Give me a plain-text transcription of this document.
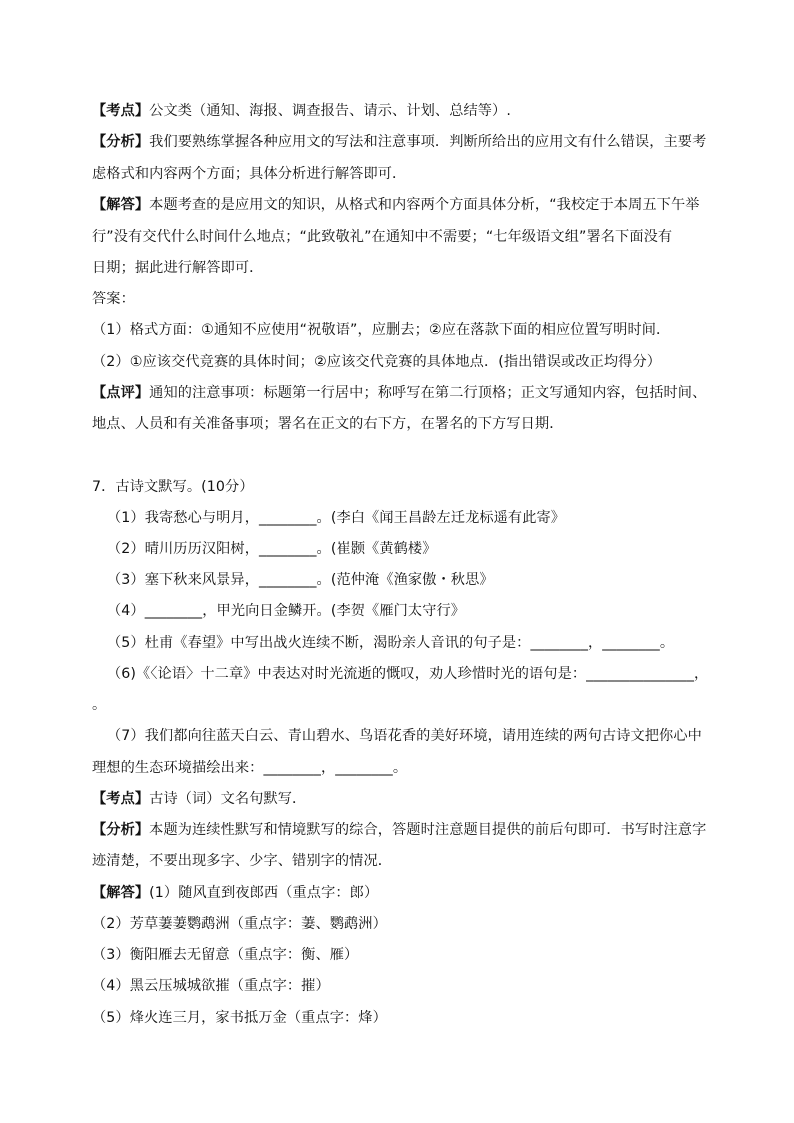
【考点】公文类（通知、海报、调查报告、请示、计划、总结等）.
【分析】我们要熟练掌握各种应用文的写法和注意事项．判断所给出的应用文有什么错误，主要考
虑格式和内容两个方面；具体分析进行解答即可．
【解答】本题考查的是应用文的知识，从格式和内容两个方面具体分析，“我校定于本周五下午举
行”没有交代什么时间什么地点；“此致敬礼”在通知中不需要；“七年级语文组”署名下面没有
日期；据此进行解答即可．
答案：
（1）格式方面：①通知不应使用“祝敬语”，应删去；②应在落款下面的相应位置写明时间．
（2）①应该交代竞赛的具体时间；②应该交代竞赛的具体地点．(指出错误或改正均得分）
【点评】通知的注意事项：标题第一行居中；称呼写在第二行顶格；正文写通知内容，包括时间、
地点、人员和有关准备事项；署名在正文的右下方，在署名的下方写日期．
7．古诗文默写。(10分）
（1）我寄愁心与明月，________。(李白《闻王昌龄左迁龙标遥有此寄》
（2）晴川历历汉阳树，________。(崔颢《黄鹤楼》
（3）塞下秋来风景异，________。(范仲淹《渔家傲・秋思》
（4）________，甲光向日金鳞开。(李贺《雁门太守行》
（5）杜甫《春望》中写出战火连续不断，渴盼亲人音讯的句子是：________，________。
（6)《〈论语〉十二章》中表达对时光流逝的慨叹，劝人珍惜时光的语句是：_______________，
。
（7）我们都向往蓝天白云、青山碧水、鸟语花香的美好环境，请用连续的两句古诗文把你心中
理想的生态环境描绘出来：________，________。
【考点】古诗（词）文名句默写．
【分析】本题为连续性默写和情境默写的综合，答题时注意题目提供的前后句即可．书写时注意字
迹清楚，不要出现多字、少字、错别字的情况．
【解答】(1）随风直到夜郎西（重点字：郎）
（2）芳草萋萋鹦鹉洲（重点字：萋、鹦鹉洲）
（3）衡阳雁去无留意（重点字：衡、雁）
（4）黑云压城城欲摧（重点字：摧）
（5）烽火连三月，家书抵万金（重点字：烽）
